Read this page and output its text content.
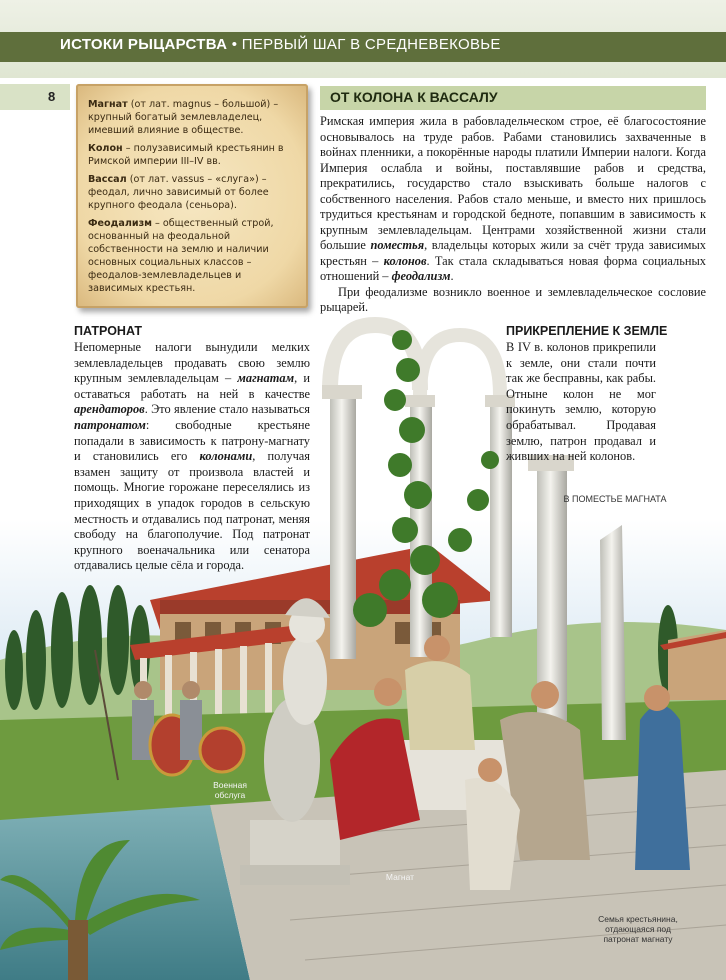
ИСТОКИ РЫЦАРСТВА • ПЕРВЫЙ ШАГ В СРЕДНЕВЕКОВЬЕ
8

Магнат (от лат. magnus – большой) – крупный богатый землевладелец, имевший влияние в обществе.

Колон – полузависимый крестьянин в Римской империи III–IV вв.

Вассал (от лат. vassus – «слуга») – феодал, лично зависимый от более крупного феодала (сеньора).

Феодализм – общественный строй, основанный на феодальной собственности на землю и наличии основных социальных классов – феодалов-землевладельцев и зависимых крестьян.

ОТ КОЛОНА К ВАССАЛУ

Римская империя жила в рабовладельческом строе, её благосостояние основывалось на труде рабов. Рабами становились захваченные в войнах пленники, а покорённые народы платили Империи налоги. Когда Империя ослабла и войны, поставлявшие рабов и средства, прекратились, государство стало взыскивать больше налогов с собственного населения. Рабов стало меньше, и вместо них пришлось трудиться крестьянам и городской бедноте, попавшим в зависимость к крупным землевладельцам. Центрами хозяйственной жизни стали большие поместья, владельцы которых жили за счёт труда зависимых крестьян – колонов. Так стала складываться новая форма социальных отношений – феодализм.

При феодализме возникло военное и землевладельческое сословие рыцарей.

ПАТРОНАТ
Непомерные налоги вынудили мелких землевладельцев продавать свою землю крупным землевладельцам – магнатам, и оставаться работать на ней в качестве арендаторов. Это явление стало называться патронатом: свободные крестьяне попадали в зависимость к патрону-магнату и становились его колонами, получая взамен защиту от произвола властей и помощь. Многие горожане переселялись из приходящих в упадок городов в сельскую местность и отдавались под патронат, меняя свободу на благополучие. Под патронат крупного военачальника или сенатора отдавались целые сёла и города.
ПРИКРЕПЛЕНИЕ К ЗЕМЛЕ
В IV в. колонов прикрепили к земле, они стали почти так же бесправны, как рабы. Отныне колон не мог покинуть землю, которую обрабатывал. Продавая землю, патрон продавал и живших на ней колонов.
В ПОМЕСТЬЕ МАГНАТА
Военная обслуга
Магнат
Семья крестьянина, отдающаяся под патронат магнату
